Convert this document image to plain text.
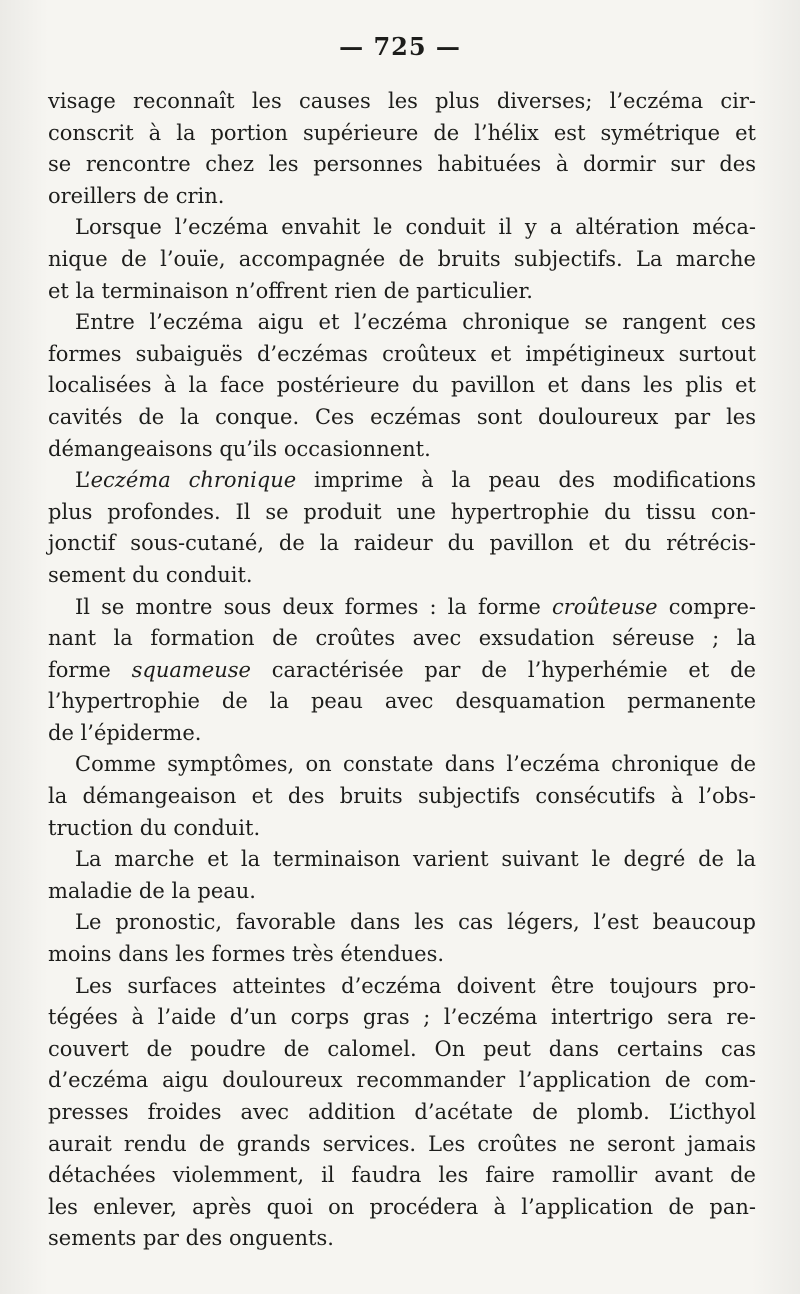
— 725 —

visage reconnaît les causes les plus diverses; l’eczéma cir-
conscrit à la portion supérieure de l’hélix est symétrique et
se rencontre chez les personnes habituées à dormir sur des
oreillers de crin.

Lorsque l’eczéma envahit le conduit il y a altération méca-
nique de l’ouïe, accompagnée de bruits subjectifs. La marche
et la terminaison n’offrent rien de particulier.

Entre l’eczéma aigu et l’eczéma chronique se rangent ces
formes subaiguës d’eczémas croûteux et impétigineux surtout
localisées à la face postérieure du pavillon et dans les plis et
cavités de la conque. Ces eczémas sont douloureux par les
démangeaisons qu’ils occasionnent.

L’eczéma chronique imprime à la peau des modifications
plus profondes. Il se produit une hypertrophie du tissu con-
jonctif sous-cutané, de la raideur du pavillon et du rétrécis-
sement du conduit.

Il se montre sous deux formes : la forme croûteuse compre-
nant la formation de croûtes avec exsudation séreuse ; la
forme squameuse caractérisée par de l’hyperhémie et de
l’hypertrophie de la peau avec desquamation permanente
de l’épiderme.

Comme symptômes, on constate dans l’eczéma chronique de
la démangeaison et des bruits subjectifs consécutifs à l’obs-
truction du conduit.

La marche et la terminaison varient suivant le degré de la
maladie de la peau.

Le pronostic, favorable dans les cas légers, l’est beaucoup
moins dans les formes très étendues.

Les surfaces atteintes d’eczéma doivent être toujours pro-
tégées à l’aide d’un corps gras ; l’eczéma intertrigo sera re-
couvert de poudre de calomel. On peut dans certains cas
d’eczéma aigu douloureux recommander l’application de com-
presses froides avec addition d’acétate de plomb. L’icthyol
aurait rendu de grands services. Les croûtes ne seront jamais
détachées violemment, il faudra les faire ramollir avant de
les enlever, après quoi on procédera à l’application de pan-
sements par des onguents.
